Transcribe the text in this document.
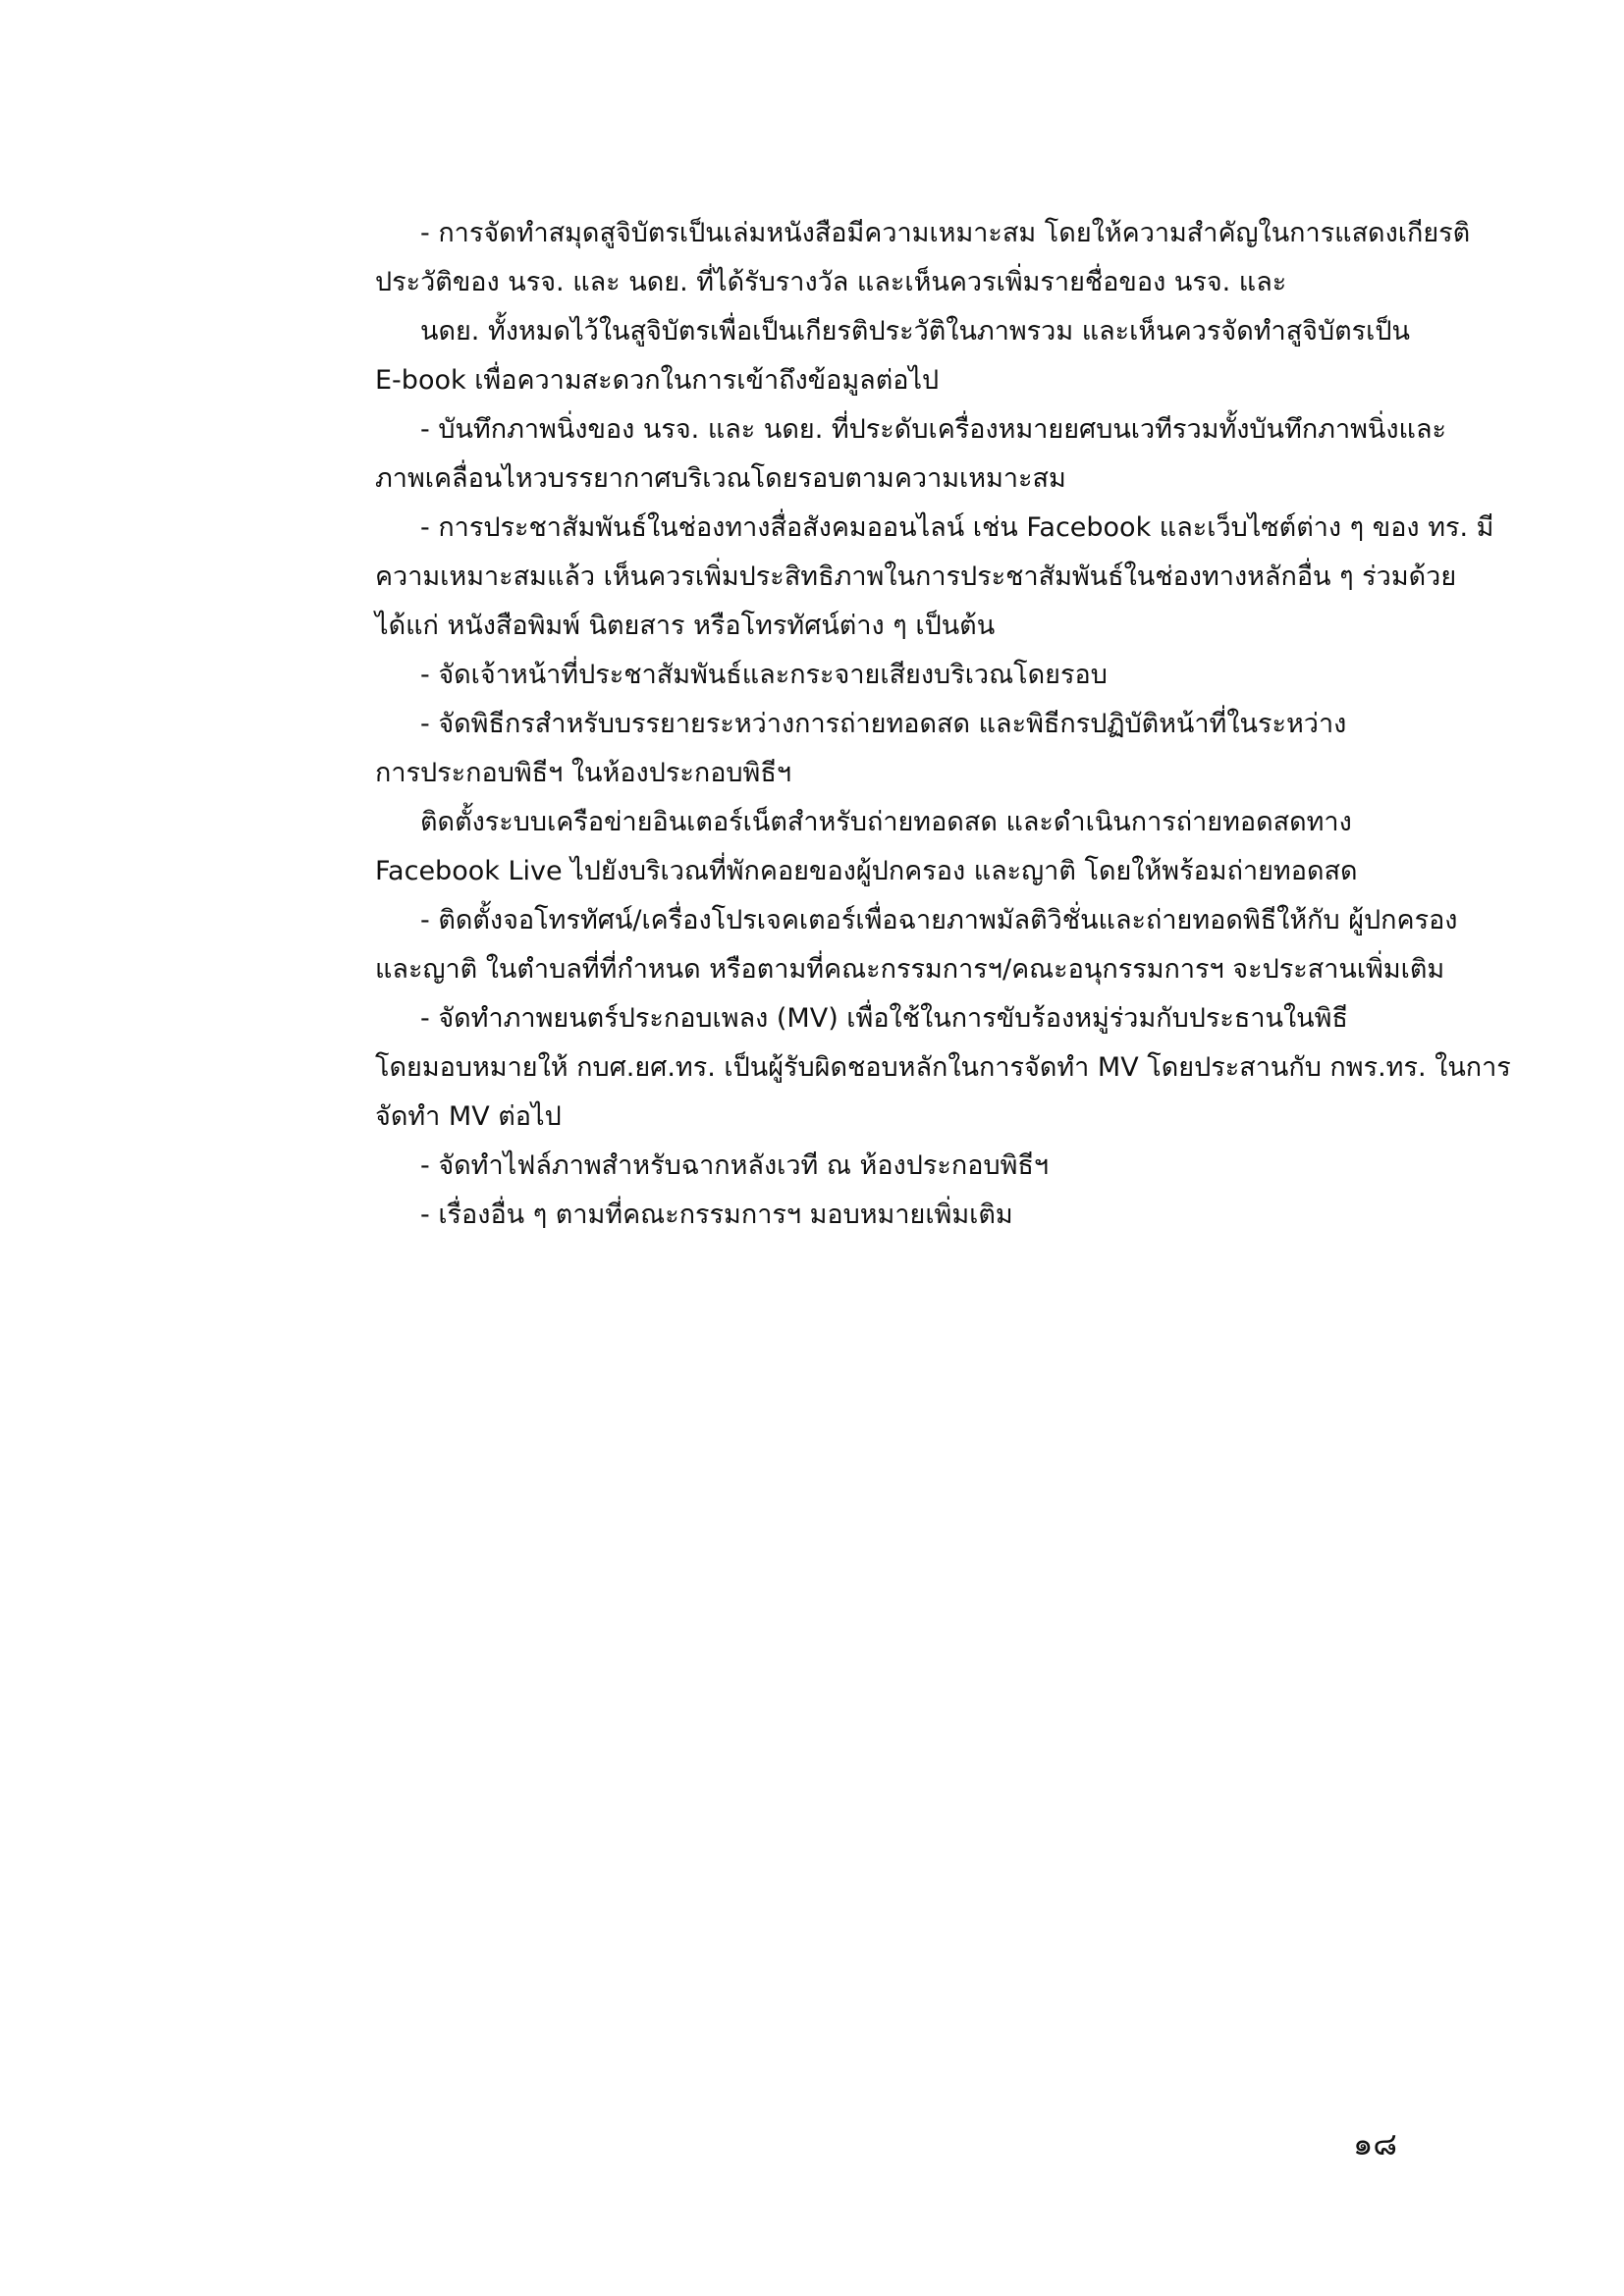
- การจัดทำสมุดสูจิบัตรเป็นเล่มหนังสือมีความเหมาะสม โดยให้ความสำคัญในการแสดงเกียรติ

ประวัติของ นรจ. และ นดย. ที่ได้รับรางวัล และเห็นควรเพิ่มรายชื่อของ นรจ. และ

นดย. ทั้งหมดไว้ในสูจิบัตรเพื่อเป็นเกียรติประวัติในภาพรวม และเห็นควรจัดทำสูจิบัตรเป็น

E-book เพื่อความสะดวกในการเข้าถึงข้อมูลต่อไป

- บันทึกภาพนิ่งของ นรจ. และ นดย. ที่ประดับเครื่องหมายยศบนเวทีรวมทั้งบันทึกภาพนิ่งและ

ภาพเคลื่อนไหวบรรยากาศบริเวณโดยรอบตามความเหมาะสม

- การประชาสัมพันธ์ในช่องทางสื่อสังคมออนไลน์ เช่น Facebook และเว็บไซต์ต่าง ๆ ของ ทร. มี

ความเหมาะสมแล้ว เห็นควรเพิ่มประสิทธิภาพในการประชาสัมพันธ์ในช่องทางหลักอื่น ๆ ร่วมด้วย

ได้แก่ หนังสือพิมพ์ นิตยสาร หรือโทรทัศน์ต่าง ๆ เป็นต้น

- จัดเจ้าหน้าที่ประชาสัมพันธ์และกระจายเสียงบริเวณโดยรอบ

- จัดพิธีกรสำหรับบรรยายระหว่างการถ่ายทอดสด และพิธีกรปฏิบัติหน้าที่ในระหว่าง

การประกอบพิธีฯ ในห้องประกอบพิธีฯ

ติดตั้งระบบเครือข่ายอินเตอร์เน็ตสำหรับถ่ายทอดสด และดำเนินการถ่ายทอดสดทาง

Facebook Live ไปยังบริเวณที่พักคอยของผู้ปกครอง และญาติ โดยให้พร้อมถ่ายทอดสด

- ติดตั้งจอโทรทัศน์/เครื่องโปรเจคเตอร์เพื่อฉายภาพมัลติวิชั่นและถ่ายทอดพิธีให้กับ ผู้ปกครอง

และญาติ ในตำบลที่ที่กำหนด หรือตามที่คณะกรรมการฯ/คณะอนุกรรมการฯ จะประสานเพิ่มเติม

- จัดทำภาพยนตร์ประกอบเพลง (MV) เพื่อใช้ในการขับร้องหมู่ร่วมกับประธานในพิธี

โดยมอบหมายให้ กบศ.ยศ.ทร. เป็นผู้รับผิดชอบหลักในการจัดทำ MV โดยประสานกับ กพร.ทร. ในการ

จัดทำ MV ต่อไป

- จัดทำไฟล์ภาพสำหรับฉากหลังเวที ณ ห้องประกอบพิธีฯ

- เรื่องอื่น ๆ ตามที่คณะกรรมการฯ มอบหมายเพิ่มเติม

๑๘
